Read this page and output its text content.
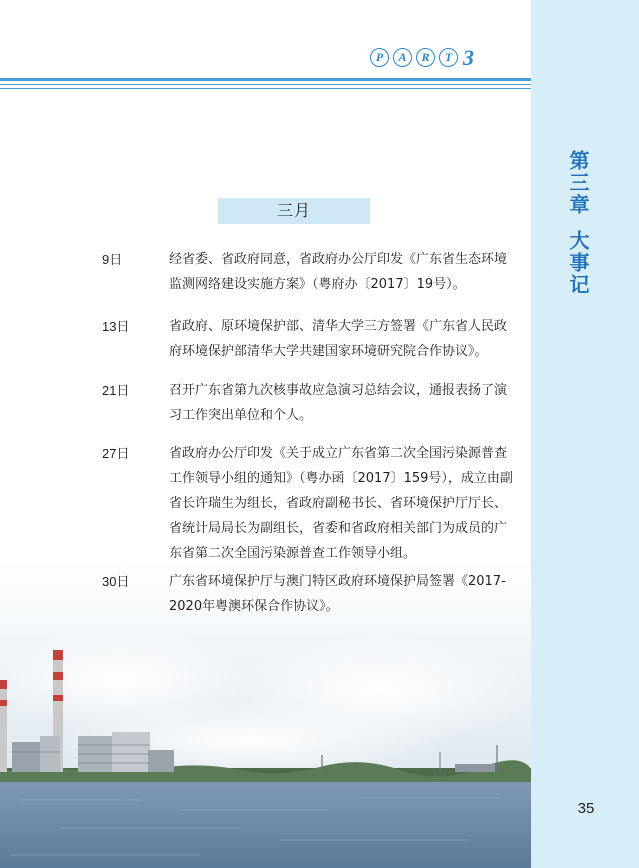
第三章大事记
P	A	R	T 3
三月
9日	经省委、省政府同意，省政府办公厅印发《广东省生态环境监测网络建设实施方案》（粤府办〔2017〕19号）。
13日	省政府、原环境保护部、清华大学三方签署《广东省人民政府环境保护部清华大学共建国家环境研究院合作协议》。
21日	召开广东省第九次核事故应急演习总结会议，通报表扬了演习工作突出单位和个人。
27日	省政府办公厅印发《关于成立广东省第二次全国污染源普查工作领导小组的通知》（粤办函〔2017〕159号），成立由副省长许瑞生为组长，省政府副秘书长、省环境保护厅厅长、省统计局局长为副组长，省委和省政府相关部门为成员的广东省第二次全国污染源普查工作领导小组。
30日	广东省环境保护厅与澳门特区政府环境保护局签署《2017-2020年粤澳环保合作协议》。
35
